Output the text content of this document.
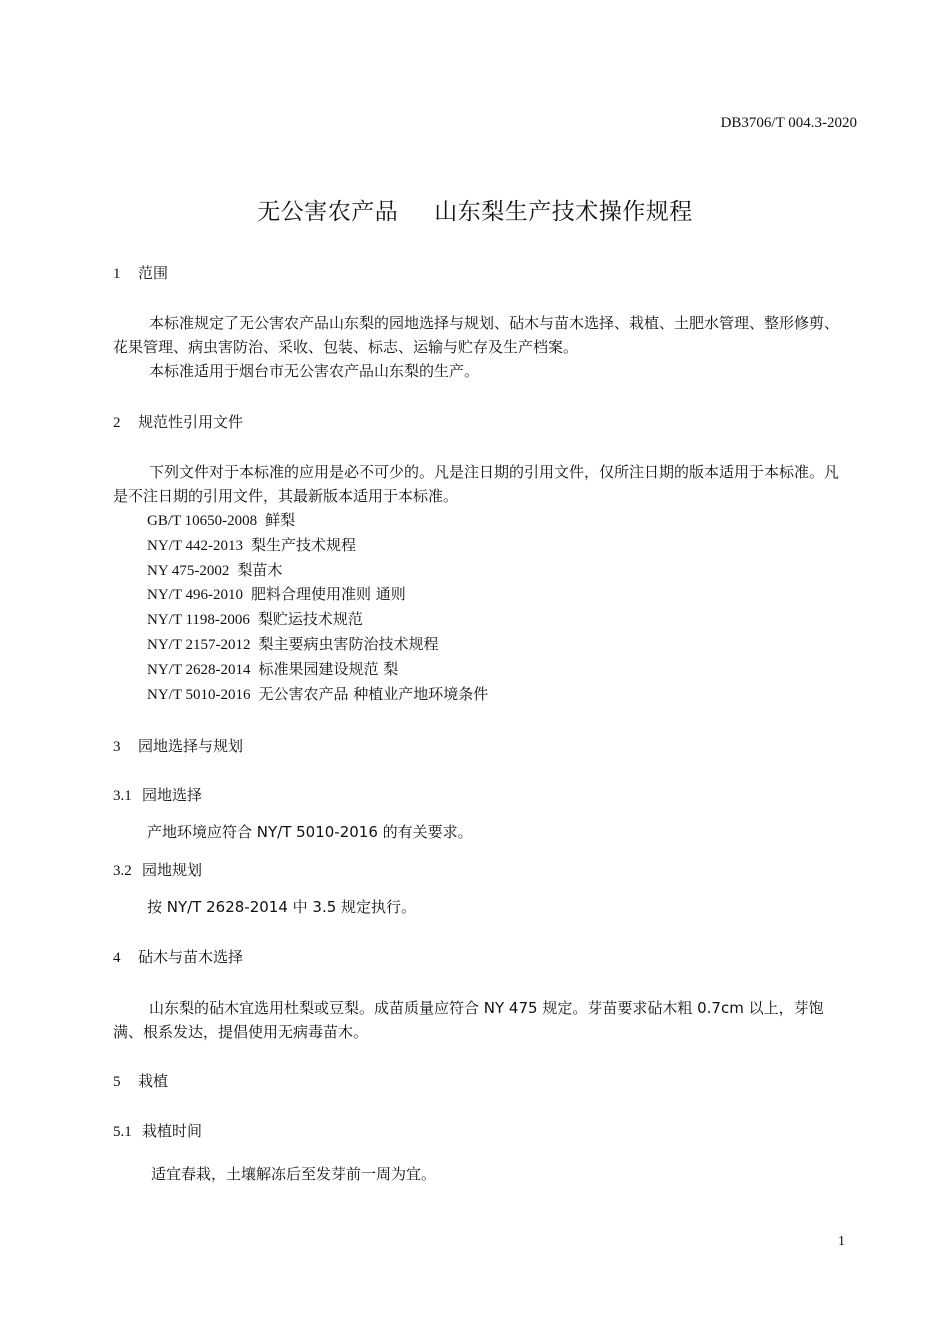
DB3706/T 004.3-2020
无公害农产品 山东梨生产技术操作规程
1 范围
本标准规定了无公害农产品山东梨的园地选择与规划、砧木与苗木选择、栽植、土肥水管理、整形修剪、花果管理、病虫害防治、采收、包装、标志、运输与贮存及生产档案。
本标准适用于烟台市无公害农产品山东梨的生产。
2 规范性引用文件
下列文件对于本标准的应用是必不可少的。凡是注日期的引用文件，仅所注日期的版本适用于本标准。凡是不注日期的引用文件，其最新版本适用于本标准。
GB/T 10650-2008 鲜梨
NY/T 442-2013 梨生产技术规程
NY 475-2002 梨苗木
NY/T 496-2010 肥料合理使用准则 通则
NY/T 1198-2006 梨贮运技术规范
NY/T 2157-2012 梨主要病虫害防治技术规程
NY/T 2628-2014 标准果园建设规范 梨
NY/T 5010-2016 无公害农产品 种植业产地环境条件
3 园地选择与规划
3.1 园地选择
产地环境应符合 NY/T 5010-2016 的有关要求。
3.2 园地规划
按 NY/T 2628-2014 中 3.5 规定执行。
4 砧木与苗木选择
山东梨的砧木宜选用杜梨或豆梨。成苗质量应符合 NY 475 规定。芽苗要求砧木粗 0.7cm 以上，芽饱满、根系发达，提倡使用无病毒苗木。
5 栽植
5.1 栽植时间
适宜春栽，土壤解冻后至发芽前一周为宜。
1
